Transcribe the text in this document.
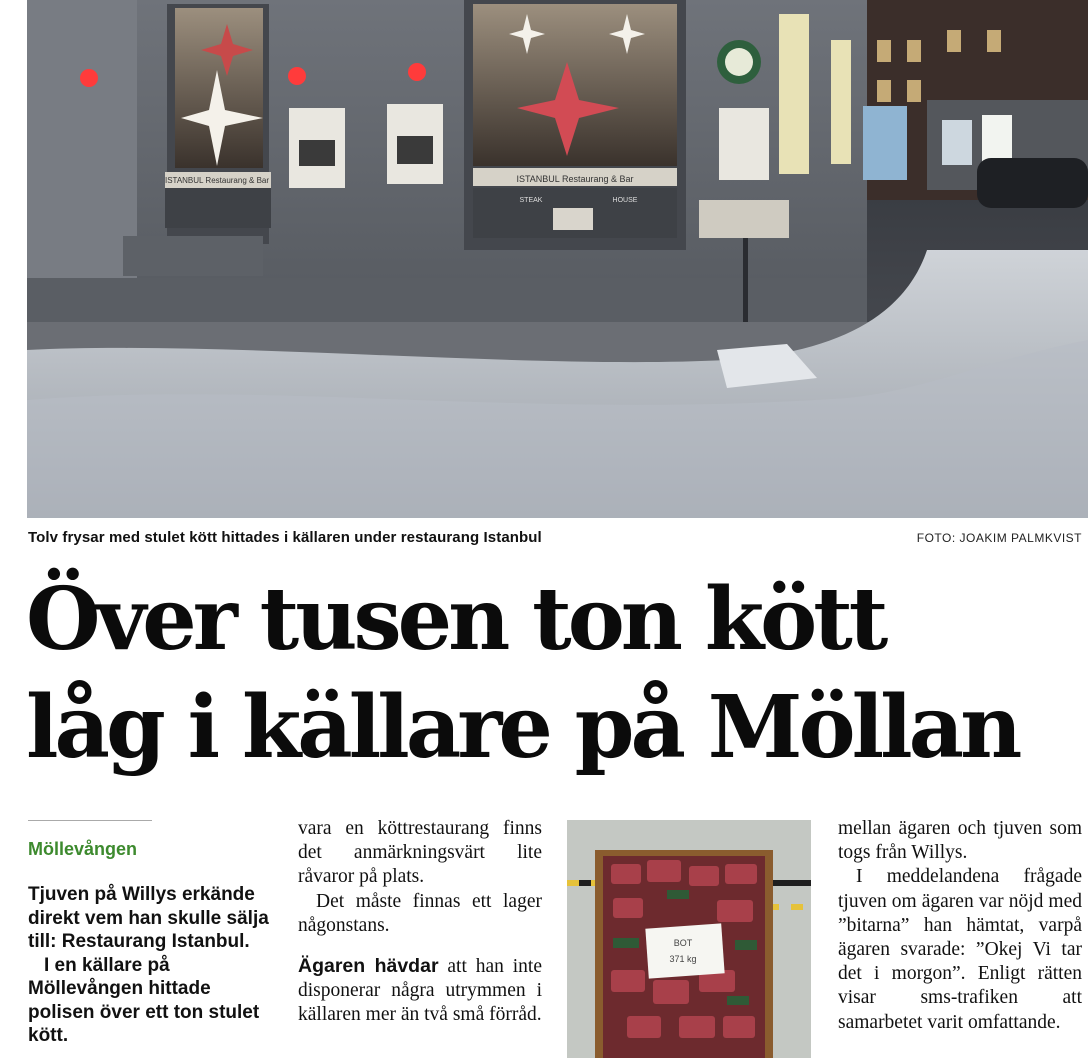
ISTANBUL Restaurang & Bar	ISTANBUL Restaurang & Bar
STEAK	HOUSE
Tolv frysar med stulet kött hittades i källaren under restaurang Istanbul	FOTO: JOAKIM PALMKVIST
Över tusen ton kött
låg i källare på Möllan
Möllevången

Tjuven på Willys erkände direkt vem han skulle sälja till: Restaurang Istanbul.

I en källare på Möllevången hittade polisen över ett ton stulet kött.

vara en köttrestaurang finns det anmärkningsvärt lite råvaror på plats.

Det måste finnas ett lager någonstans.

Ägaren hävdar att han inte disponerar några utrymmen i källaren mer än två små förråd.

BOT
371 kg

mellan ägaren och tjuven som togs från Willys.

I meddelandena frågade tjuven om ägaren var nöjd med ”bitarna” han hämtat, varpå ägaren svarade: ”Okej Vi tar det i morgon”. Enligt rätten visar sms-trafiken att samarbetet varit omfattande.
